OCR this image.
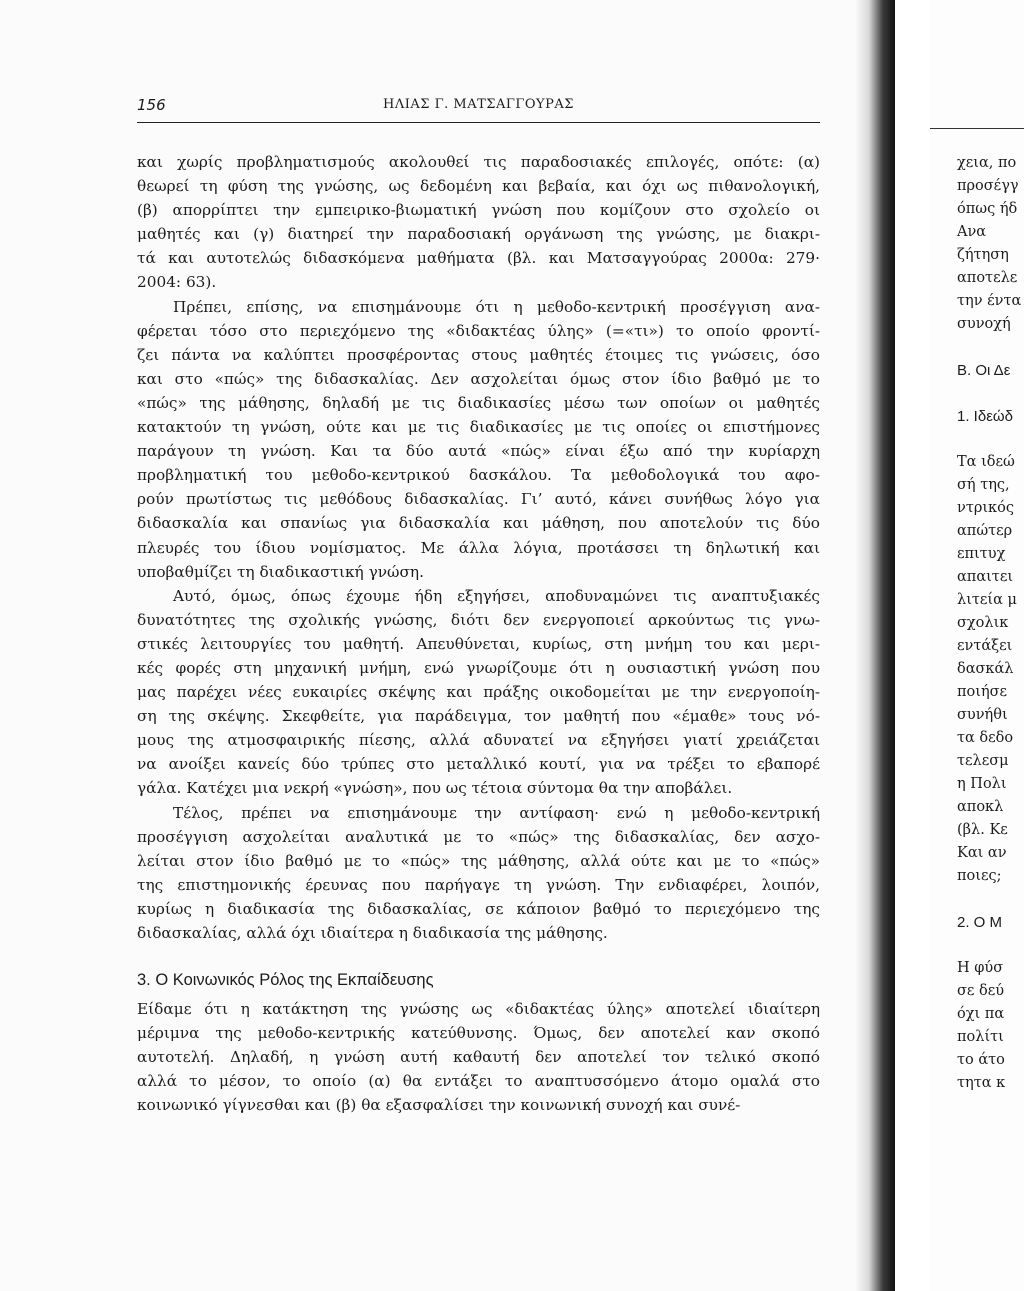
156	ΗΛΙΑΣ Γ. ΜΑΤΣΑΓΓΟΥΡΑΣ

και χωρίς προβληματισμούς ακολουθεί τις παραδοσιακές επιλογές, οπότε: (α)
θεωρεί τη φύση της γνώσης, ως δεδομένη και βεβαία, και όχι ως πιθανολογική,
(β) απορρίπτει την εμπειρικο-βιωματική γνώση που κομίζουν στο σχολείο οι
μαθητές και (γ) διατηρεί την παραδοσιακή οργάνωση της γνώσης, με διακρι-
τά και αυτοτελώς διδασκόμενα μαθήματα (βλ. και Ματσαγγούρας 2000α: 279·
2004: 63).

Πρέπει, επίσης, να επισημάνουμε ότι η μεθοδο-κεντρική προσέγγιση ανα-
φέρεται τόσο στο περιεχόμενο της «διδακτέας ύλης» (=«τι») το οποίο φροντί-
ζει πάντα να καλύπτει προσφέροντας στους μαθητές έτοιμες τις γνώσεις, όσο
και στο «πώς» της διδασκαλίας. Δεν ασχολείται όμως στον ίδιο βαθμό με το
«πώς» της μάθησης, δηλαδή με τις διαδικασίες μέσω των οποίων οι μαθητές
κατακτούν τη γνώση, ούτε και με τις διαδικασίες με τις οποίες οι επιστήμονες
παράγουν τη γνώση. Και τα δύο αυτά «πώς» είναι έξω από την κυρίαρχη
προβληματική του μεθοδο-κεντρικού δασκάλου. Τα μεθοδολογικά του αφο-
ρούν πρωτίστως τις μεθόδους διδασκαλίας. Γι’ αυτό, κάνει συνήθως λόγο για
διδασκαλία και σπανίως για διδασκαλία και μάθηση, που αποτελούν τις δύο
πλευρές του ίδιου νομίσματος. Με άλλα λόγια, προτάσσει τη δηλωτική και
υποβαθμίζει τη διαδικαστική γνώση.

Αυτό, όμως, όπως έχουμε ήδη εξηγήσει, αποδυναμώνει τις αναπτυξιακές
δυνατότητες της σχολικής γνώσης, διότι δεν ενεργοποιεί αρκούντως τις γνω-
στικές λειτουργίες του μαθητή. Απευθύνεται, κυρίως, στη μνήμη του και μερι-
κές φορές στη μηχανική μνήμη, ενώ γνωρίζουμε ότι η ουσιαστική γνώση που
μας παρέχει νέες ευκαιρίες σκέψης και πράξης οικοδομείται με την ενεργοποίη-
ση της σκέψης. Σκεφθείτε, για παράδειγμα, τον μαθητή που «έμαθε» τους νό-
μους της ατμοσφαιρικής πίεσης, αλλά αδυνατεί να εξηγήσει γιατί χρειάζεται
να ανοίξει κανείς δύο τρύπες στο μεταλλικό κουτί, για να τρέξει το εβαπορέ
γάλα. Κατέχει μια νεκρή «γνώση», που ως τέτοια σύντομα θα την αποβάλει.

Τέλος, πρέπει να επισημάνουμε την αντίφαση· ενώ η μεθοδο-κεντρική
προσέγγιση ασχολείται αναλυτικά με το «πώς» της διδασκαλίας, δεν ασχο-
λείται στον ίδιο βαθμό με το «πώς» της μάθησης, αλλά ούτε και με το «πώς»
της επιστημονικής έρευνας που παρήγαγε τη γνώση. Την ενδιαφέρει, λοιπόν,
κυρίως η διαδικασία της διδασκαλίας, σε κάποιον βαθμό το περιεχόμενο της
διδασκαλίας, αλλά όχι ιδιαίτερα η διαδικασία της μάθησης.

3. Ο Κοινωνικός Ρόλος της Εκπαίδευσης

Είδαμε ότι η κατάκτηση της γνώσης ως «διδακτέας ύλης» αποτελεί ιδιαίτερη
μέριμνα της μεθοδο-κεντρικής κατεύθυνσης. Όμως, δεν αποτελεί καν σκοπό
αυτοτελή. Δηλαδή, η γνώση αυτή καθαυτή δεν αποτελεί τον τελικό σκοπό
αλλά το μέσον, το οποίο (α) θα εντάξει το αναπτυσσόμενο άτομο ομαλά στο
κοινωνικό γίγνεσθαι και (β) θα εξασφαλίσει την κοινωνική συνοχή και συνέ-

χεια, πο
προσέγγ
όπως ήδ
Ανα
ζήτηση
αποτελε
την έντα
συνοχή

B. Οι Δε

1. Ιδεώδ

Τα ιδεώ
σή της,
ντρικός
απώτερ
επιτυχ
απαιτει
λιτεία μ
σχολικ
εντάξει
δασκάλ
ποιήσε
συνήθι
τα δεδο
τελεσμ
η Πολι
αποκλ
(βλ. Κε
Και αν
ποιες;

2. Ο Μ

Η φύσ
σε δεύ
όχι πα
πολίτι
το άτο
τητα κ
